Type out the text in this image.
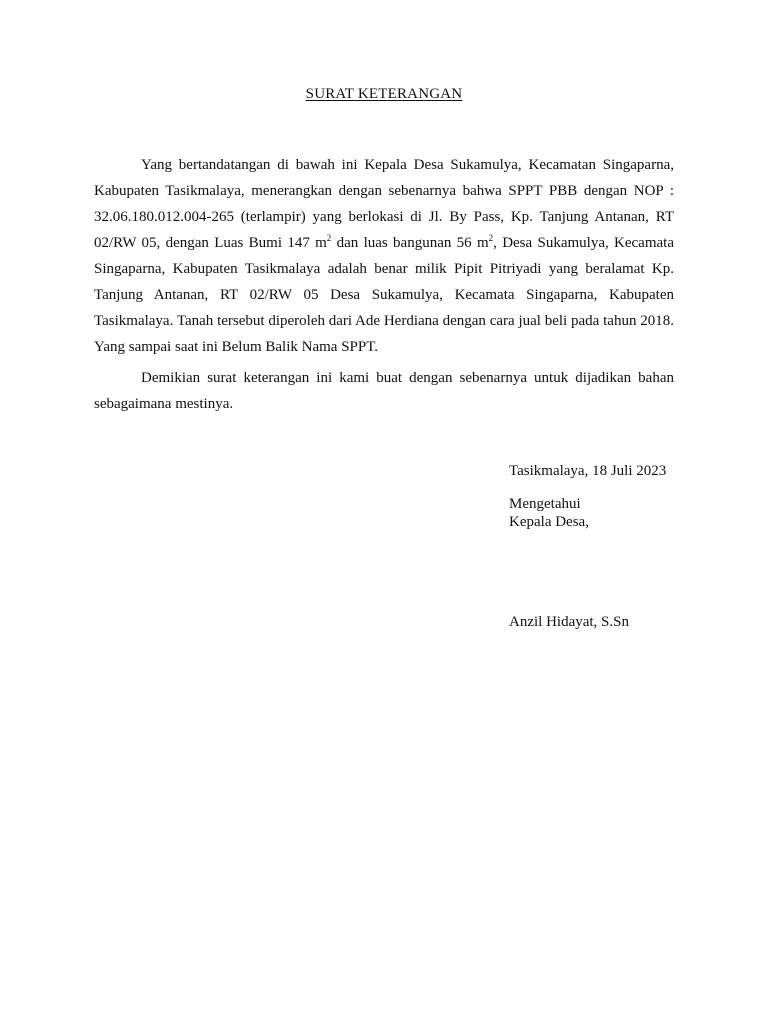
SURAT KETERANGAN

Yang bertandatangan di bawah ini Kepala Desa Sukamulya, Kecamatan Singaparna, Kabupaten Tasikmalaya, menerangkan dengan sebenarnya bahwa SPPT PBB dengan NOP : 32.06.180.012.004-265 (terlampir) yang berlokasi di Jl. By Pass, Kp. Tanjung Antanan, RT 02/RW 05, dengan Luas Bumi 147 $m^2$ dan luas bangunan 56 $m^2$, Desa Sukamulya, Kecamata Singaparna, Kabupaten Tasikmalaya adalah benar milik Pipit Pitriyadi yang beralamat Kp. Tanjung Antanan, RT 02/RW 05 Desa Sukamulya, Kecamata Singaparna, Kabupaten Tasikmalaya. Tanah tersebut diperoleh dari Ade Herdiana dengan cara jual beli pada tahun 2018. Yang sampai saat ini Belum Balik Nama SPPT.

Demikian surat keterangan ini kami buat dengan sebenarnya untuk dijadikan bahan sebagaimana mestinya.

Tasikmalaya, 18 Juli 2023

Mengetahui

Kepala Desa,

Anzil Hidayat, S.Sn
